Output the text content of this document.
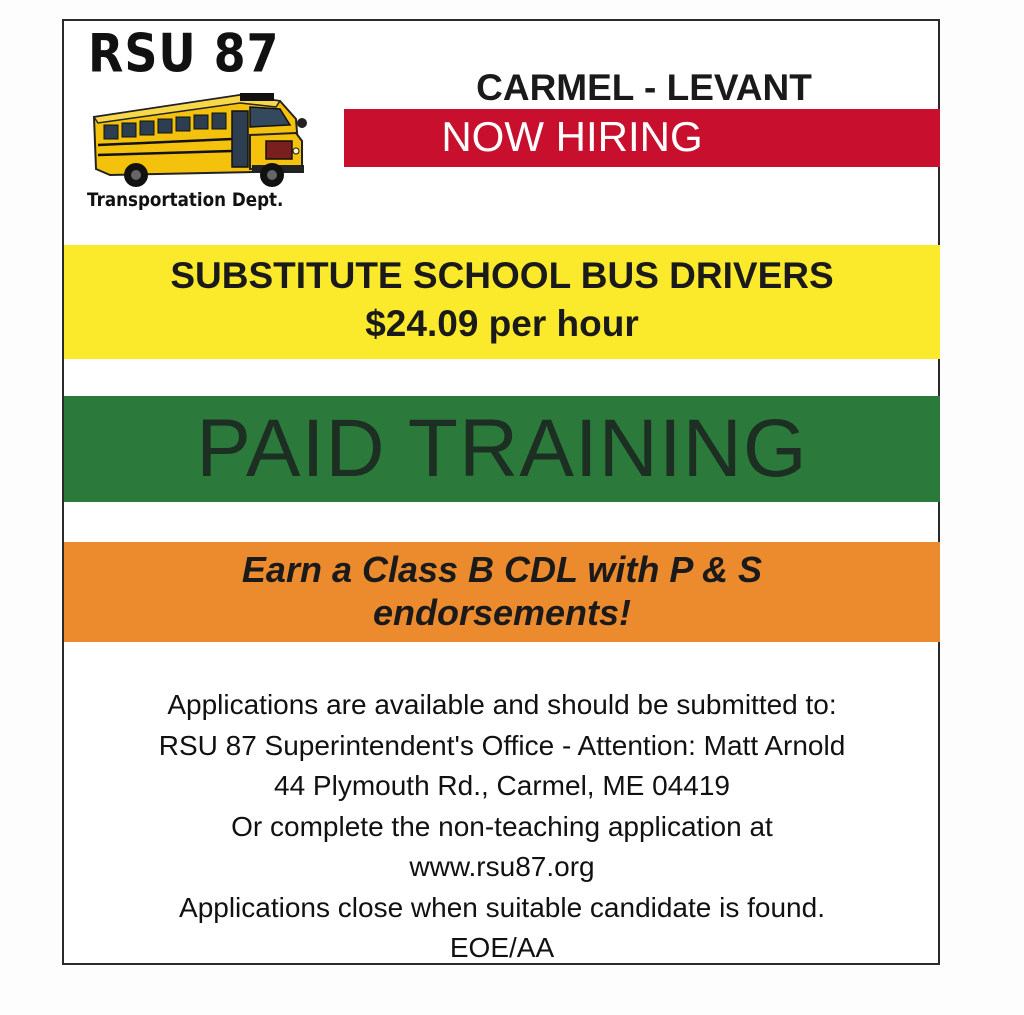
RSU 87
Transportation Dept.
CARMEL - LEVANT
NOW HIRING
SUBSTITUTE SCHOOL BUS DRIVERS
$24.09 per hour
PAID TRAINING
Earn a Class B CDL with P & S
endorsements!
Applications are available and should be submitted to:
RSU 87 Superintendent's Office - Attention: Matt Arnold
44 Plymouth Rd., Carmel, ME 04419
Or complete the non-teaching application at
www.rsu87.org
Applications close when suitable candidate is found.
EOE/AA
